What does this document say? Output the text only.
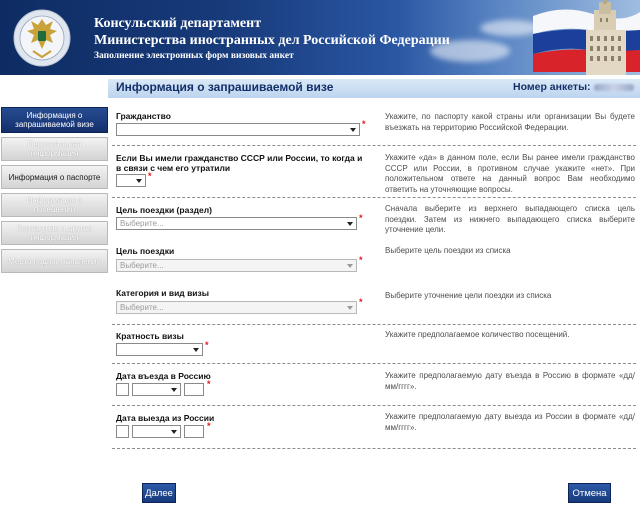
Консульский департамент
Министерства иностранных дел Российской Федерации
Заполнение электронных форм визовых анкет
Информация о запрашиваемой визе	Номер анкеты:
Информация о
запрашиваемой визе
Персональная
информация
Информация о паспорте
Информация о
посещении
Контактная и другая
информация
Место подачи заявления
Гражданство
*
Укажите, по паспорту какой страны или организации Вы будете въезжать на территорию Российской Федерации.
Если Вы имели гражданство СССР или России, то когда и
в связи с чем его утратили
*
Укажите «да» в данном поле, если Вы ранее имели гражданство СССР или России, в противном случае укажите «нет». При положительном ответе на данный вопрос Вам необходимо ответить на уточняющие вопросы.
Цель поездки (раздел)
Выберите...
*
Сначала выберите из верхнего выпадающего списка цель поездки. Затем из нижнего выпадающего списка выберите уточнение цели.
Цель поездки
Выберите...
*
Выберите цель поездки из списка
Категория и вид визы
Выберите...
*
Выберите уточнение цели поездки из списка
Кратность визы
*
Укажите предполагаемое количество посещений.
Дата въезда в Россию
*
Укажите предполагаемую дату въезда в Россию в формате «дд/мм/гггг».
Дата выезда из России
*
Укажите предполагаемую дату выезда из России в формате «дд/мм/гггг».
Далее	Отмена
